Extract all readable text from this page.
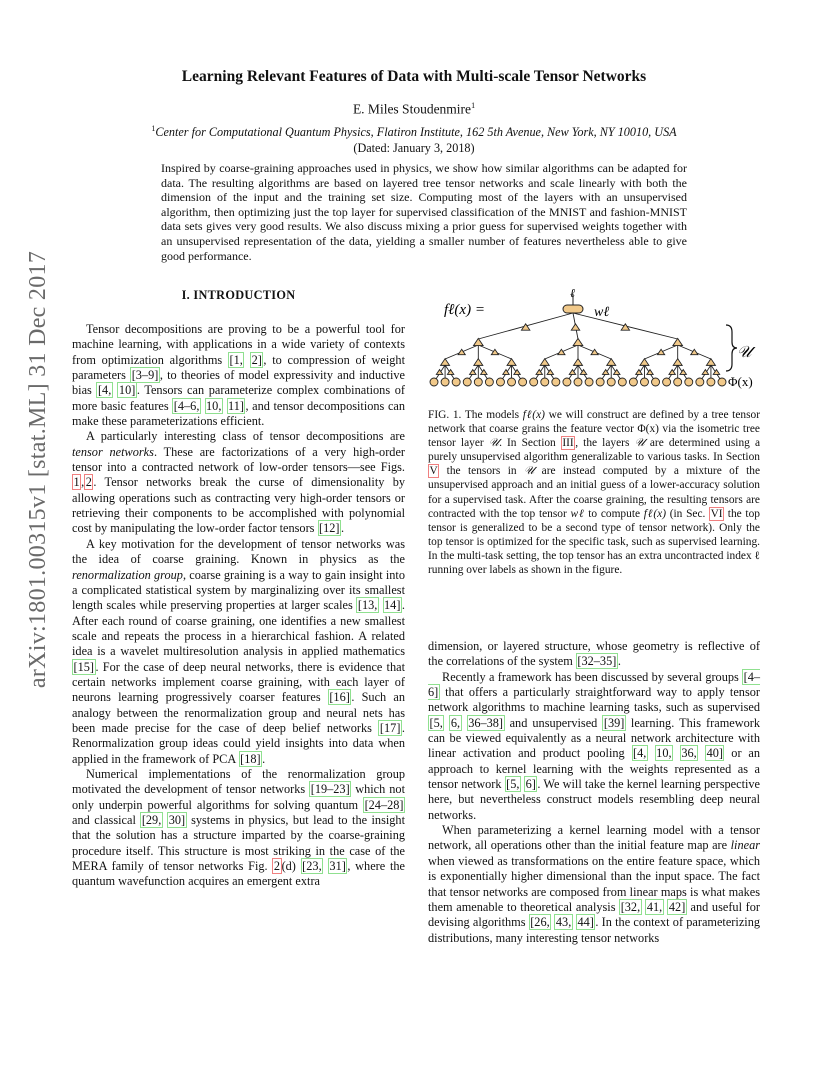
Learning Relevant Features of Data with Multi-scale Tensor Networks
E. Miles Stoudenmire$^1$
$^1$Center for Computational Quantum Physics, Flatiron Institute, 162 5th Avenue, New York, NY 10010, USA
(Dated: January 3, 2018)
Inspired by coarse-graining approaches used in physics, we show how similar algorithms can be adapted for data. The resulting algorithms are based on layered tree tensor networks and scale linearly with both the dimension of the input and the training set size. Computing most of the layers with an unsupervised algorithm, then optimizing just the top layer for supervised classification of the MNIST and fashion-MNIST data sets gives very good results. We also discuss mixing a prior guess for supervised weights together with an unsupervised representation of the data, yielding a smaller number of features nevertheless able to give good performance.
arXiv:1801.00315v1 [stat.ML] 31 Dec 2017	I. INTRODUCTION

Tensor decompositions are proving to be a powerful tool for machine learning, with applications in a wide variety of contexts from optimization algorithms [1, 2] , to compression of weight parameters [3–9] , to theories of model expressivity and inductive bias [4, 10] . Tensors can parameterize complex combinations of more basic features [4–6, 10, 11] , and tensor decompositions can make these parameterizations efficient.

A particularly interesting class of tensor decompositions are tensor networks. These are factorizations of a very high-order tensor into a contracted network of low-order tensors—see Figs. 1 , 2 . Tensor networks break the curse of dimensionality by allowing operations such as contracting very high-order tensors or retrieving their components to be accomplished with polynomial cost by manipulating the low-order factor tensors [12] .

A key motivation for the development of tensor networks was the idea of coarse graining. Known in physics as the renormalization group, coarse graining is a way to gain insight into a complicated statistical system by marginalizing over its smallest length scales while preserving properties at larger scales [13, 14] . After each round of coarse graining, one identifies a new smallest scale and repeats the process in a hierarchical fashion. A related idea is a wavelet multiresolution analysis in applied mathematics [15] . For the case of deep neural networks, there is evidence that certain networks implement coarse graining, with each layer of neurons learning progressively coarser features [16] . Such an analogy between the renormalization group and neural nets has been made precise for the case of deep belief networks [17] . Renormalization group ideas could yield insights into data when applied in the framework of PCA [18] .

Numerical implementations of the renormalization group motivated the development of tensor networks [19–23] which not only underpin powerful algorithms for solving quantum [24–28] and classical [29, 30] systems in physics, but lead to the insight that the solution has a structure imparted by the coarse-graining procedure itself. This structure is most striking in the case of the MERA family of tensor networks Fig. 2 (d) [23, 31] , where the quantum wavefunction acquires an emergent extra

fℓ(x) =
ℓ
wℓ
𝒰
Φ(x)
FIG. 1. The models fℓ(x) we will construct are defined by a tree tensor network that coarse grains the feature vector Φ(x) via the isometric tree tensor layer 𝒰. In Section III , the layers 𝒰 are determined using a purely unsupervised algorithm generalizable to various tasks. In Section V the tensors in 𝒰 are instead computed by a mixture of the unsupervised approach and an initial guess of a lower-accuracy solution for a supervised task. After the coarse graining, the resulting tensors are contracted with the top tensor wℓ to compute fℓ(x) (in Sec. VI the top tensor is generalized to be a second type of tensor network). Only the top tensor is optimized for the specific task, such as supervised learning. In the multi-task setting, the top tensor has an extra uncontracted index ℓ running over labels as shown in the figure.

dimension, or layered structure, whose geometry is reflective of the correlations of the system [32–35] .

Recently a framework has been discussed by several groups [4–6] that offers a particularly straightforward way to apply tensor network algorithms to machine learning tasks, such as supervised [5, 6, 36–38] and unsupervised [39] learning. This framework can be viewed equivalently as a neural network architecture with linear activation and product pooling [4, 10, 36, 40] or an approach to kernel learning with the weights represented as a tensor network [5, 6] . We will take the kernel learning perspective here, but nevertheless construct models resembling deep neural networks.

When parameterizing a kernel learning model with a tensor network, all operations other than the initial feature map are linear when viewed as transformations on the entire feature space, which is exponentially higher dimensional than the input space. The fact that tensor networks are composed from linear maps is what makes them amenable to theoretical analysis [32, 41, 42] and useful for devising algorithms [26, 43, 44] . In the context of parameterizing distributions, many interesting tensor networks
